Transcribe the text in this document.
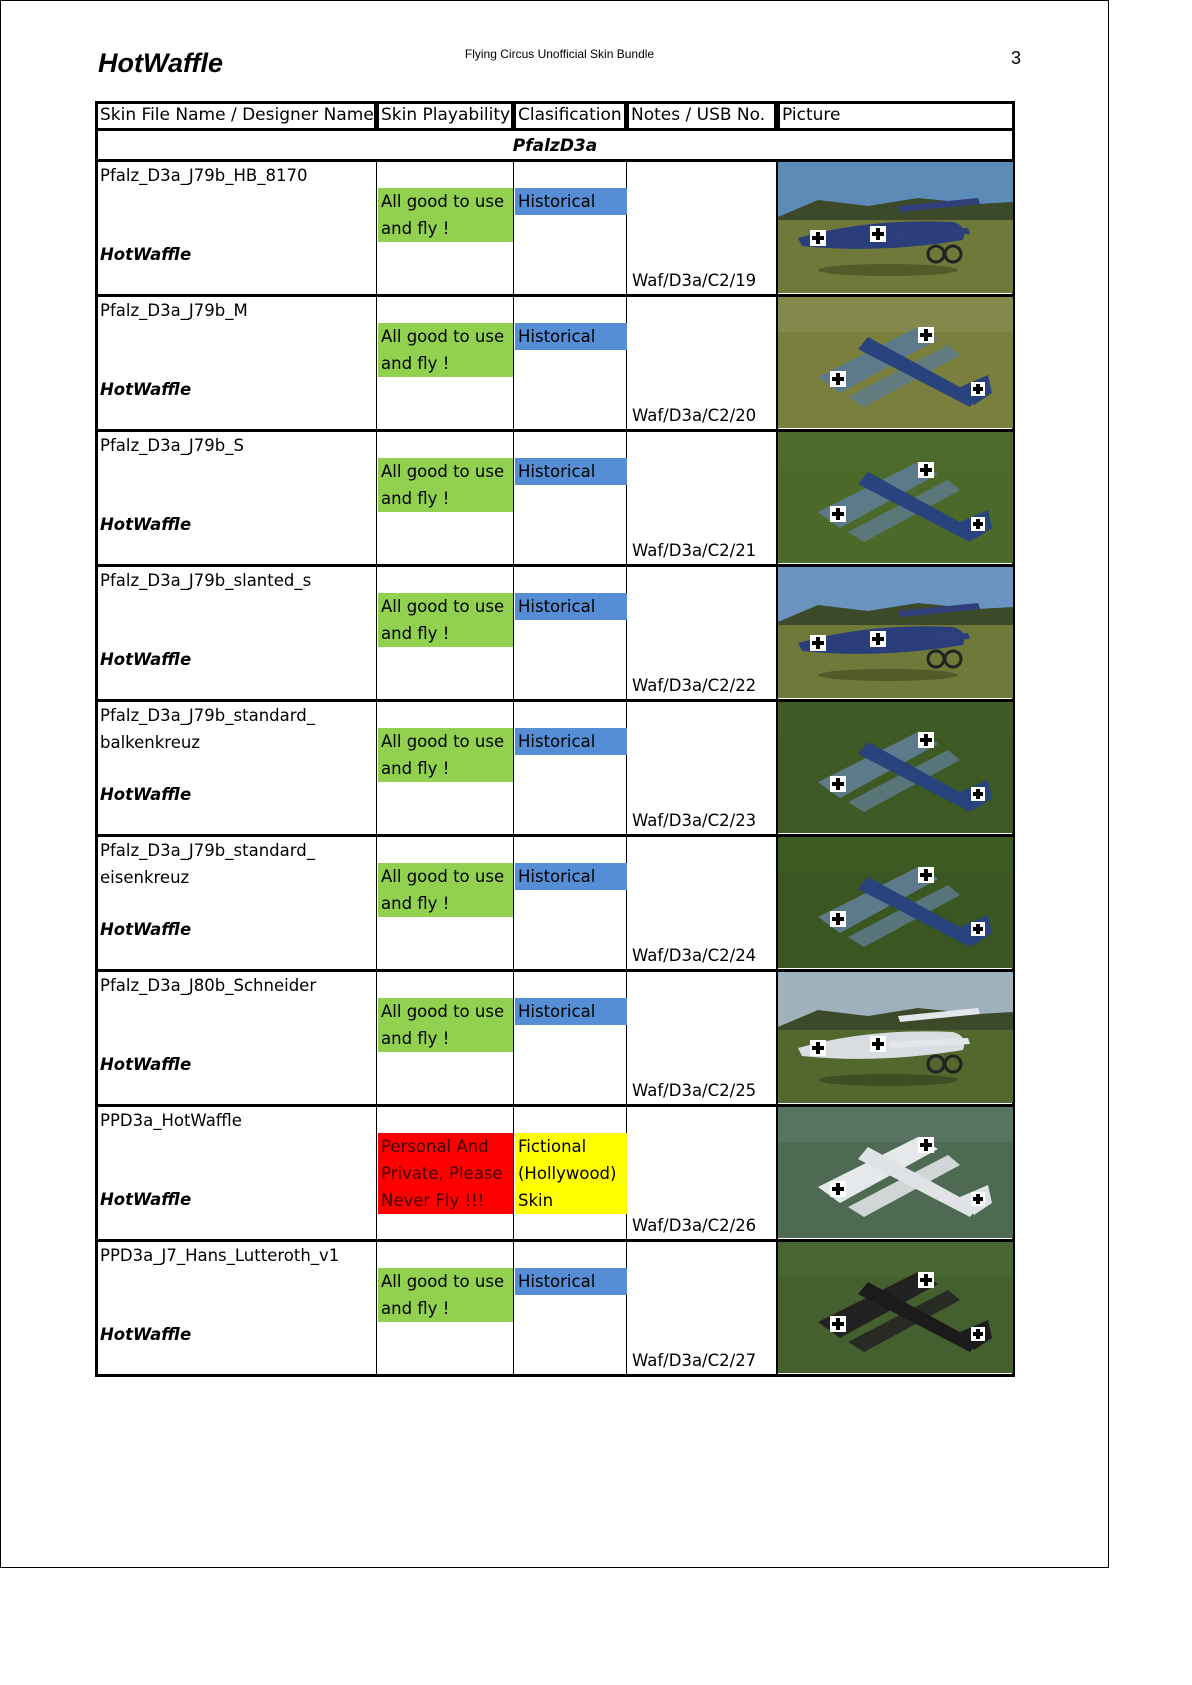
HotWaffle	Flying Circus Unofficial Skin Bundle	3
Skin File Name / Designer Name Skin Playability Clasification Notes / USB No. Picture
PfalzD3a
Pfalz_D3a_J79b_HB_8170
HotWaffle
All good to use
and fly !
Historical
Waf/D3a/C2/19
Pfalz_D3a_J79b_M
HotWaffle
All good to use
and fly !
Historical
Waf/D3a/C2/20
Pfalz_D3a_J79b_S
HotWaffle
All good to use
and fly !
Historical
Waf/D3a/C2/21
Pfalz_D3a_J79b_slanted_s
HotWaffle
All good to use
and fly !
Historical
Waf/D3a/C2/22
Pfalz_D3a_J79b_standard_
balkenkreuz
HotWaffle
All good to use
and fly !
Historical
Waf/D3a/C2/23
Pfalz_D3a_J79b_standard_
eisenkreuz
HotWaffle
All good to use
and fly !
Historical
Waf/D3a/C2/24
Pfalz_D3a_J80b_Schneider
HotWaffle
All good to use
and fly !
Historical
Waf/D3a/C2/25
PPD3a_HotWaffle
HotWaffle
Personal And
Private, Please
Never Fly !!!
Fictional
(Hollywood)
Skin
Waf/D3a/C2/26
PPD3a_J7_Hans_Lutteroth_v1
HotWaffle
All good to use
and fly !
Historical
Waf/D3a/C2/27
